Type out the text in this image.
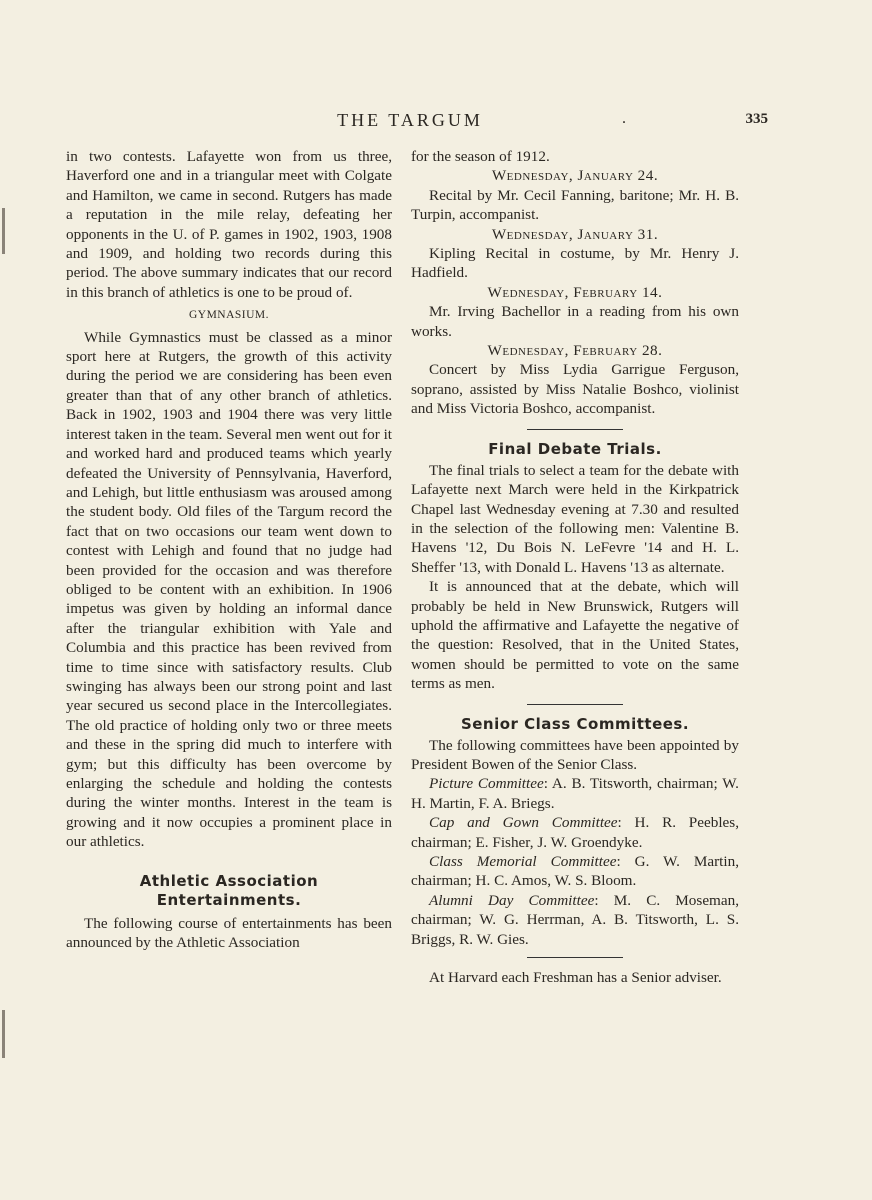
THE TARGUM	.	335

in two contests. Lafayette won from us three, Haverford one and in a triangular meet with Colgate and Hamilton, we came in second. Rutgers has made a reputation in the mile relay, defeating her opponents in the U. of P. games in 1902, 1903, 1908 and 1909, and holding two records during this period. The above summary indicates that our record in this branch of athletics is one to be proud of.

GYMNASIUM.

While Gymnastics must be classed as a minor sport here at Rutgers, the growth of this activity during the period we are considering has been even greater than that of any other branch of athletics. Back in 1902, 1903 and 1904 there was very little interest taken in the team. Several men went out for it and worked hard and produced teams which yearly defeated the University of Pennsylvania, Haverford, and Lehigh, but little enthusiasm was aroused among the student body. Old files of the Targum record the fact that on two occasions our team went down to contest with Lehigh and found that no judge had been provided for the occasion and was therefore obliged to be content with an exhibition. In 1906 impetus was given by holding an informal dance after the triangular exhibition with Yale and Columbia and this practice has been revived from time to time since with satisfactory results. Club swinging has always been our strong point and last year secured us second place in the Intercollegiates. The old practice of holding only two or three meets and these in the spring did much to interfere with gym; but this difficulty has been overcome by enlarging the schedule and holding the contests during the winter months. Interest in the team is growing and it now occupies a prominent place in our athletics.

Athletic Association Entertainments.

The following course of entertainments has been announced by the Athletic Association

for the season of 1912.

Wednesday, January 24.

Recital by Mr. Cecil Fanning, baritone; Mr. H. B. Turpin, accompanist.

Wednesday, January 31.

Kipling Recital in costume, by Mr. Henry J. Hadfield.

Wednesday, February 14.

Mr. Irving Bachellor in a reading from his own works.

Wednesday, February 28.

Concert by Miss Lydia Garrigue Ferguson, soprano, assisted by Miss Natalie Boshco, violinist and Miss Victoria Boshco, accompanist.

Final Debate Trials.

The final trials to select a team for the debate with Lafayette next March were held in the Kirkpatrick Chapel last Wednesday evening at 7.30 and resulted in the selection of the following men: Valentine B. Havens '12, Du Bois N. LeFevre '14 and H. L. Sheffer '13, with Donald L. Havens '13 as alternate.

It is announced that at the debate, which will probably be held in New Brunswick, Rutgers will uphold the affirmative and Lafayette the negative of the question: Resolved, that in the United States, women should be permitted to vote on the same terms as men.

Senior Class Committees.

The following committees have been appointed by President Bowen of the Senior Class.

Picture Committee: A. B. Titsworth, chairman; W. H. Martin, F. A. Briegs.

Cap and Gown Committee: H. R. Peebles, chairman; E. Fisher, J. W. Groendyke.

Class Memorial Committee: G. W. Martin, chairman; H. C. Amos, W. S. Bloom.

Alumni Day Committee: M. C. Moseman, chairman; W. G. Herrman, A. B. Titsworth, L. S. Briggs, R. W. Gies.

At Harvard each Freshman has a Senior adviser.
